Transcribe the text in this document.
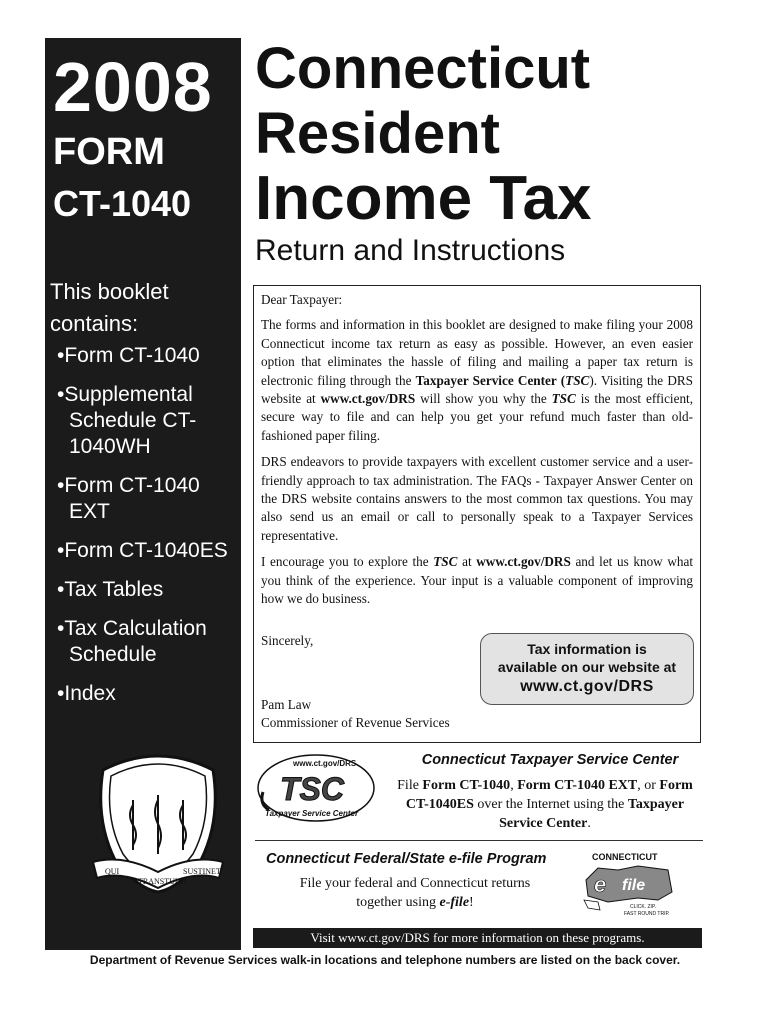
2008
FORM
CT-1040
This booklet
contains:
• Form CT-1040
• Supplemental Schedule CT-1040WH
• Form CT-1040 EXT
• Form CT-1040ES
• Tax Tables
• Tax Calculation Schedule
• Index
Connecticut
Resident
Income Tax
Return and Instructions

Dear Taxpayer:

The forms and information in this booklet are designed to make filing your 2008 Connecticut income tax return as easy as possible. However, an even easier option that eliminates the hassle of filing and mailing a paper tax return is electronic filing through the Taxpayer Service Center (TSC). Visiting the DRS website at www.ct.gov/DRS will show you why the TSC is the most efficient, secure way to file and can help you get your refund much faster than old-fashioned paper filing.

DRS endeavors to provide taxpayers with excellent customer service and a user-friendly approach to tax administration. The FAQs - Taxpayer Answer Center on the DRS website contains answers to the most common tax questions. You may also send us an email or call to personally speak to a Taxpayer Services representative.

I encourage you to explore the TSC at www.ct.gov/DRS and let us know what you think of the experience. Your input is a valuable component of improving how we do business.

Sincerely,
Pam Law
Commissioner of Revenue Services
Tax information is
available on our website at
www.ct.gov/DRS
QUI
TRANSTULIT
SUSTINET
www.ct.gov/DRS
TSC
Taxpayer Service Center
Connecticut Taxpayer Service Center
File Form CT-1040, Form CT-1040 EXT, or Form CT-1040ES over the Internet using the Taxpayer Service Center.
Connecticut Federal/State e-file Program
File your federal and Connecticut returns together using e-file!
CONNECTICUT
e file
CLICK. ZIP.
FAST ROUND TRIP.
Visit www.ct.gov/DRS for more information on these programs.
Department of Revenue Services walk-in locations and telephone numbers are listed on the back cover.
